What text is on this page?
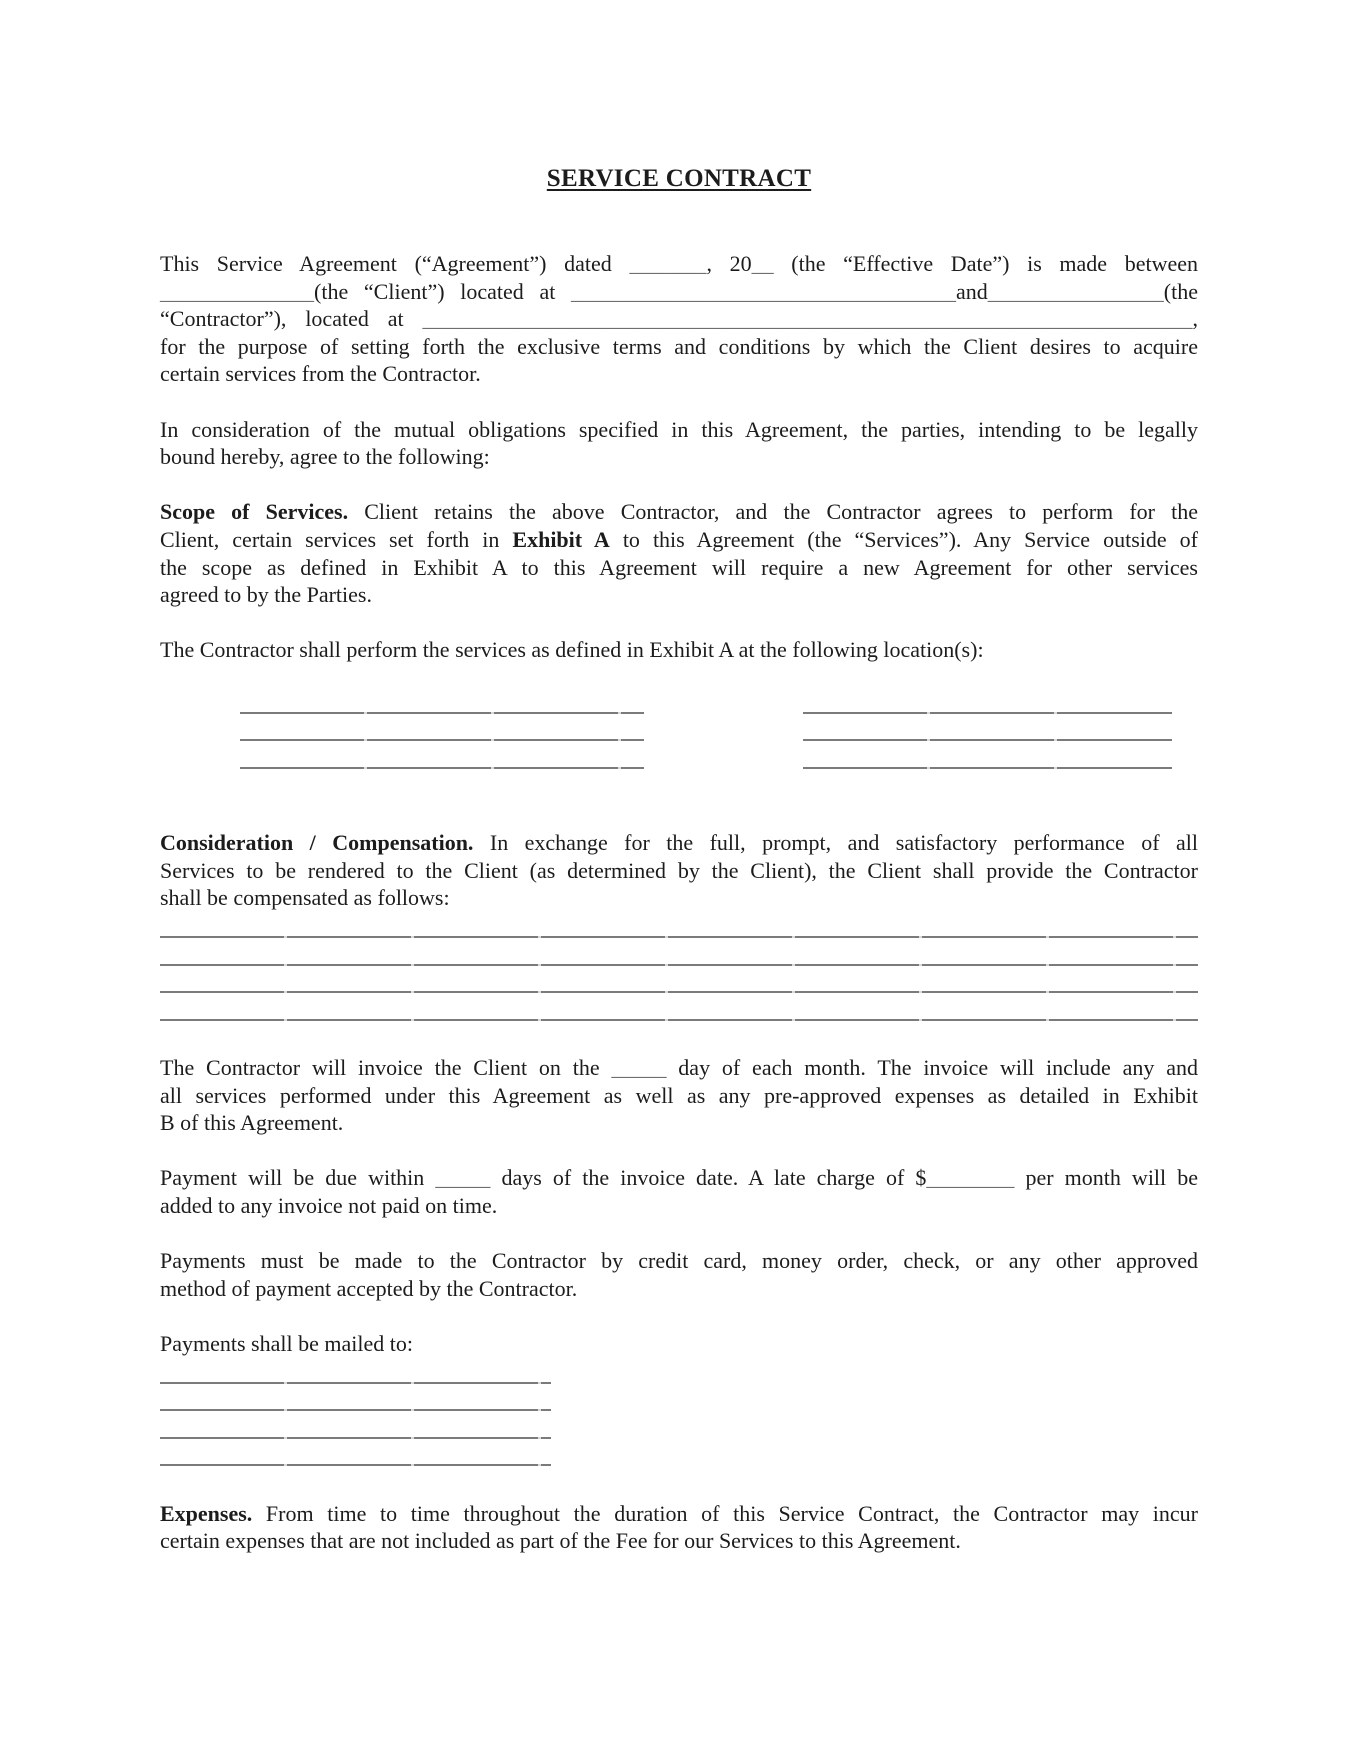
SERVICE CONTRACT
This Service Agreement (“Agreement”) dated _______, 20__ (the “Effective Date”) is made between
______________(the “Client”) located at ___________________________________and________________(the
“Contractor”), located at ______________________________________________________________________,
for the purpose of setting forth the exclusive terms and conditions by which the Client desires to acquire
certain services from the Contractor.
In consideration of the mutual obligations specified in this Agreement, the parties, intending to be legally
bound hereby, agree to the following:
Scope of Services. Client retains the above Contractor, and the Contractor agrees to perform for the
Client, certain services set forth in Exhibit A to this Agreement (the “Services”). Any Service outside of
the scope as defined in Exhibit A to this Agreement will require a new Agreement for other services
agreed to by the Parties.
The Contractor shall perform the services as defined in Exhibit A at the following location(s):
Consideration / Compensation. In exchange for the full, prompt, and satisfactory performance of all
Services to be rendered to the Client (as determined by the Client), the Client shall provide the Contractor
shall be compensated as follows:
The Contractor will invoice the Client on the _____ day of each month. The invoice will include any and
all services performed under this Agreement as well as any pre-approved expenses as detailed in Exhibit
B of this Agreement.
Payment will be due within _____ days of the invoice date. A late charge of $________ per month will be
added to any invoice not paid on time.
Payments must be made to the Contractor by credit card, money order, check, or any other approved
method of payment accepted by the Contractor.
Payments shall be mailed to:
Expenses. From time to time throughout the duration of this Service Contract, the Contractor may incur
certain expenses that are not included as part of the Fee for our Services to this Agreement.
